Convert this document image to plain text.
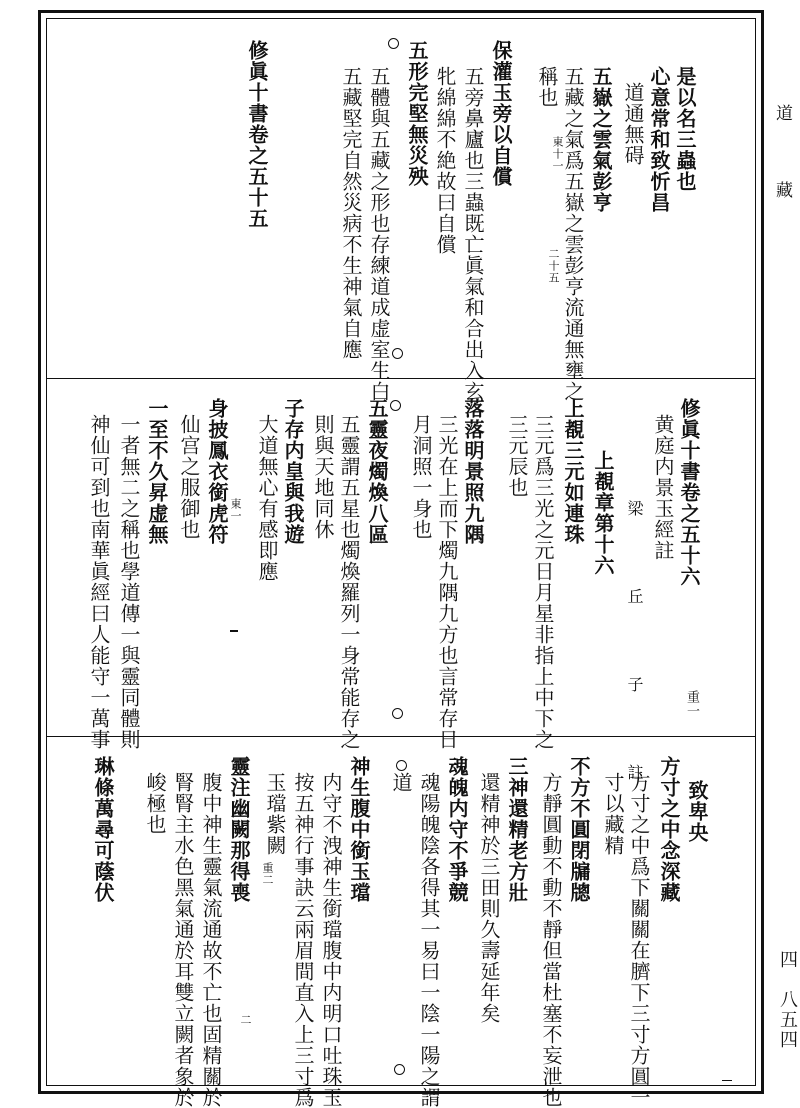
道 藏
四
八五四
是以名三蟲也
心意常和致忻昌
道通無碍
五嶽之雲氣彭亨
五藏之氣爲五嶽之雲彭亨流通無壅之
稱也
保灌玉旁以自償
五旁鼻廬也三蟲既亡眞氣和合出入玄
牝綿綿不絶故曰自償
五形完堅無災殃
五體與五藏之形也存練道成虚室生白
五藏堅完自然災病不生神氣自應
修眞十書卷之五十五	東十一
二十五
修眞十書卷之五十六
黄庭内景玉經註
梁　丘　子　註
上覩章第十六
上覩三元如連珠
三元爲三光之元日月星非指上中下之
三元辰也
落落明景照九隅
三光在上而下燭九隅九方也言常存日
月洞照一身也
五靈夜燭煥八區
五靈謂五星也燭煥羅列一身常能存之
則與天地同休
子存内皇與我遊
大道無心有感即應
身披鳳衣銜虎符
仙宫之服御也
一至不久昇虚無
一者無二之稱也學道傳一與靈同體則
神仙可到也南華眞經曰人能守一萬事	重一
東一
致卑央
方寸之中念深藏
方寸之中爲下關關在臍下三寸方圓一
寸以藏精
不方不圓閉牖牕
方靜圓動不動不靜但當杜塞不妄泄也
三神還精老方壯
還精神於三田則久壽延年矣
魂魄内守不爭競
魂陽魄陰各得其一易曰一陰一陽之謂
道
神生腹中銜玉璫
内守不洩神生銜璫腹中内明口吐珠玉
按五神行事訣云兩眉間直入上三寸爲
玉璫紫闕
靈注幽闕那得喪
腹中神生靈氣流通故不亡也固精關於
腎腎主水色黑氣通於耳雙立闕者象於
峻極也
琳條萬尋可蔭伏	重二
二
